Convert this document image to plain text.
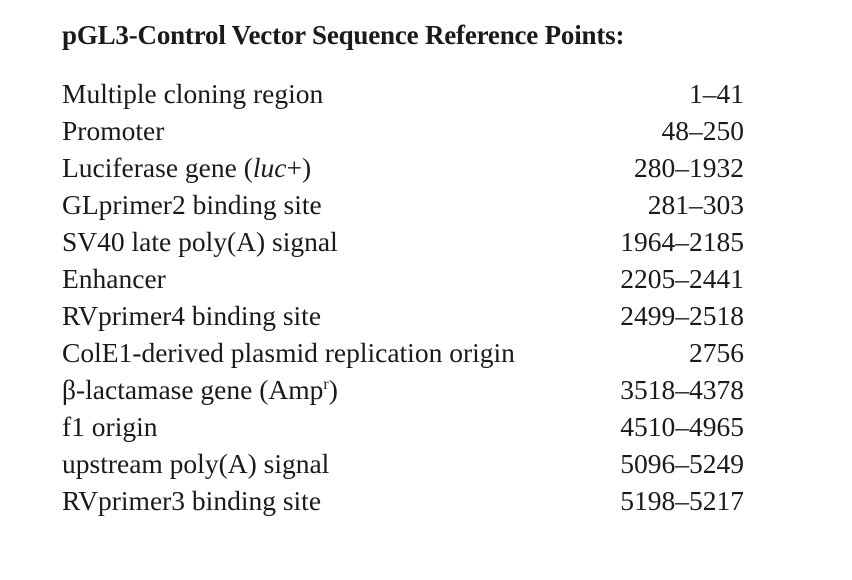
pGL3-Control Vector Sequence Reference Points:
Multiple cloning region	1–41
Promoter	48–250
Luciferase gene (luc+)	280–1932
GLprimer2 binding site	281–303
SV40 late poly(A) signal	1964–2185
Enhancer	2205–2441
RVprimer4 binding site	2499–2518
ColE1-derived plasmid replication origin	2756
β-lactamase gene (Amp$^r$)	3518–4378
f1 origin	4510–4965
upstream poly(A) signal	5096–5249
RVprimer3 binding site	5198–5217
